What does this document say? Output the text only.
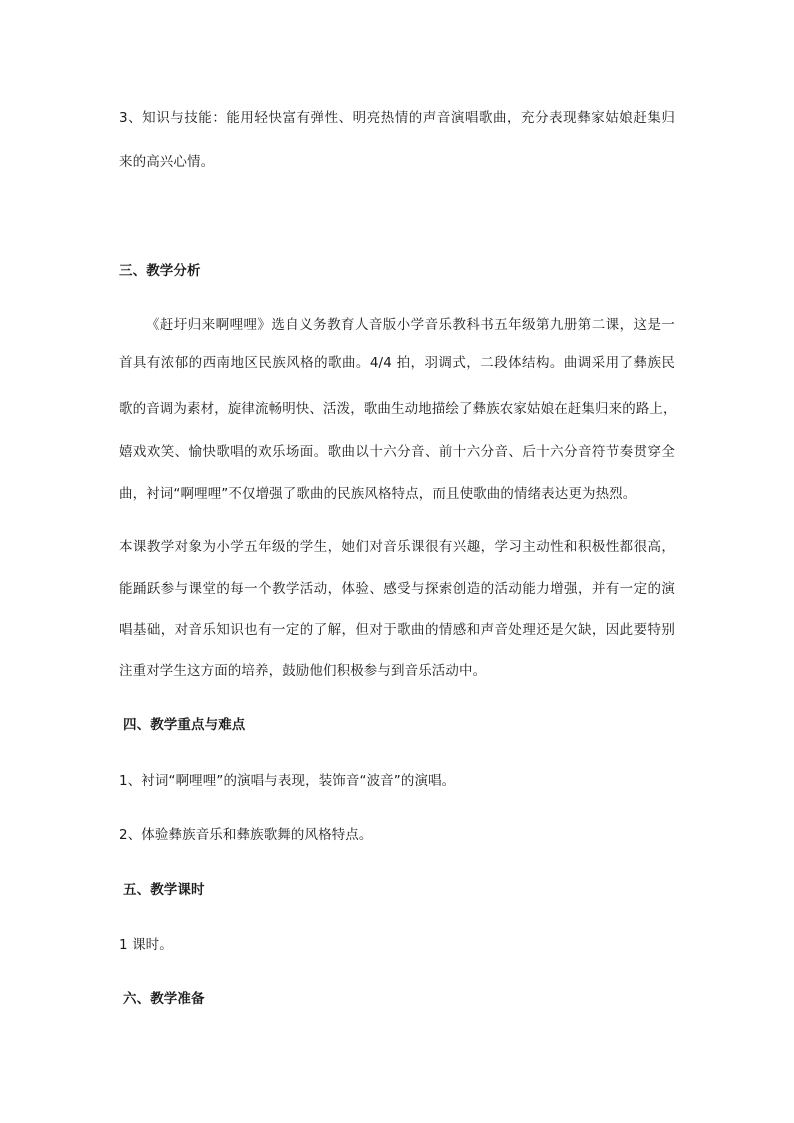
3、知识与技能：能用轻快富有弹性、明亮热情的声音演唱歌曲，充分表现彝家姑娘赶集归
来的高兴心情。
三、教学分析
《赶圩归来啊哩哩》选自义务教育人音版小学音乐教科书五年级第九册第二课，这是一
首具有浓郁的西南地区民族风格的歌曲。4/4 拍，羽调式，二段体结构。曲调采用了彝族民
歌的音调为素材，旋律流畅明快、活泼，歌曲生动地描绘了彝族农家姑娘在赶集归来的路上，
嬉戏欢笑、愉快歌唱的欢乐场面。歌曲以十六分音、前十六分音、后十六分音符节奏贯穿全
曲，衬词“啊哩哩”不仅增强了歌曲的民族风格特点，而且使歌曲的情绪表达更为热烈。
本课教学对象为小学五年级的学生，她们对音乐课很有兴趣，学习主动性和积极性都很高，
能踊跃参与课堂的每一个教学活动，体验、感受与探索创造的活动能力增强，并有一定的演
唱基础，对音乐知识也有一定的了解，但对于歌曲的情感和声音处理还是欠缺，因此要特别
注重对学生这方面的培养，鼓励他们积极参与到音乐活动中。
四、教学重点与难点
1、衬词“啊哩哩”的演唱与表现，装饰音“波音”的演唱。
2、体验彝族音乐和彝族歌舞的风格特点。
五、教学课时
1 课时。
六、教学准备
